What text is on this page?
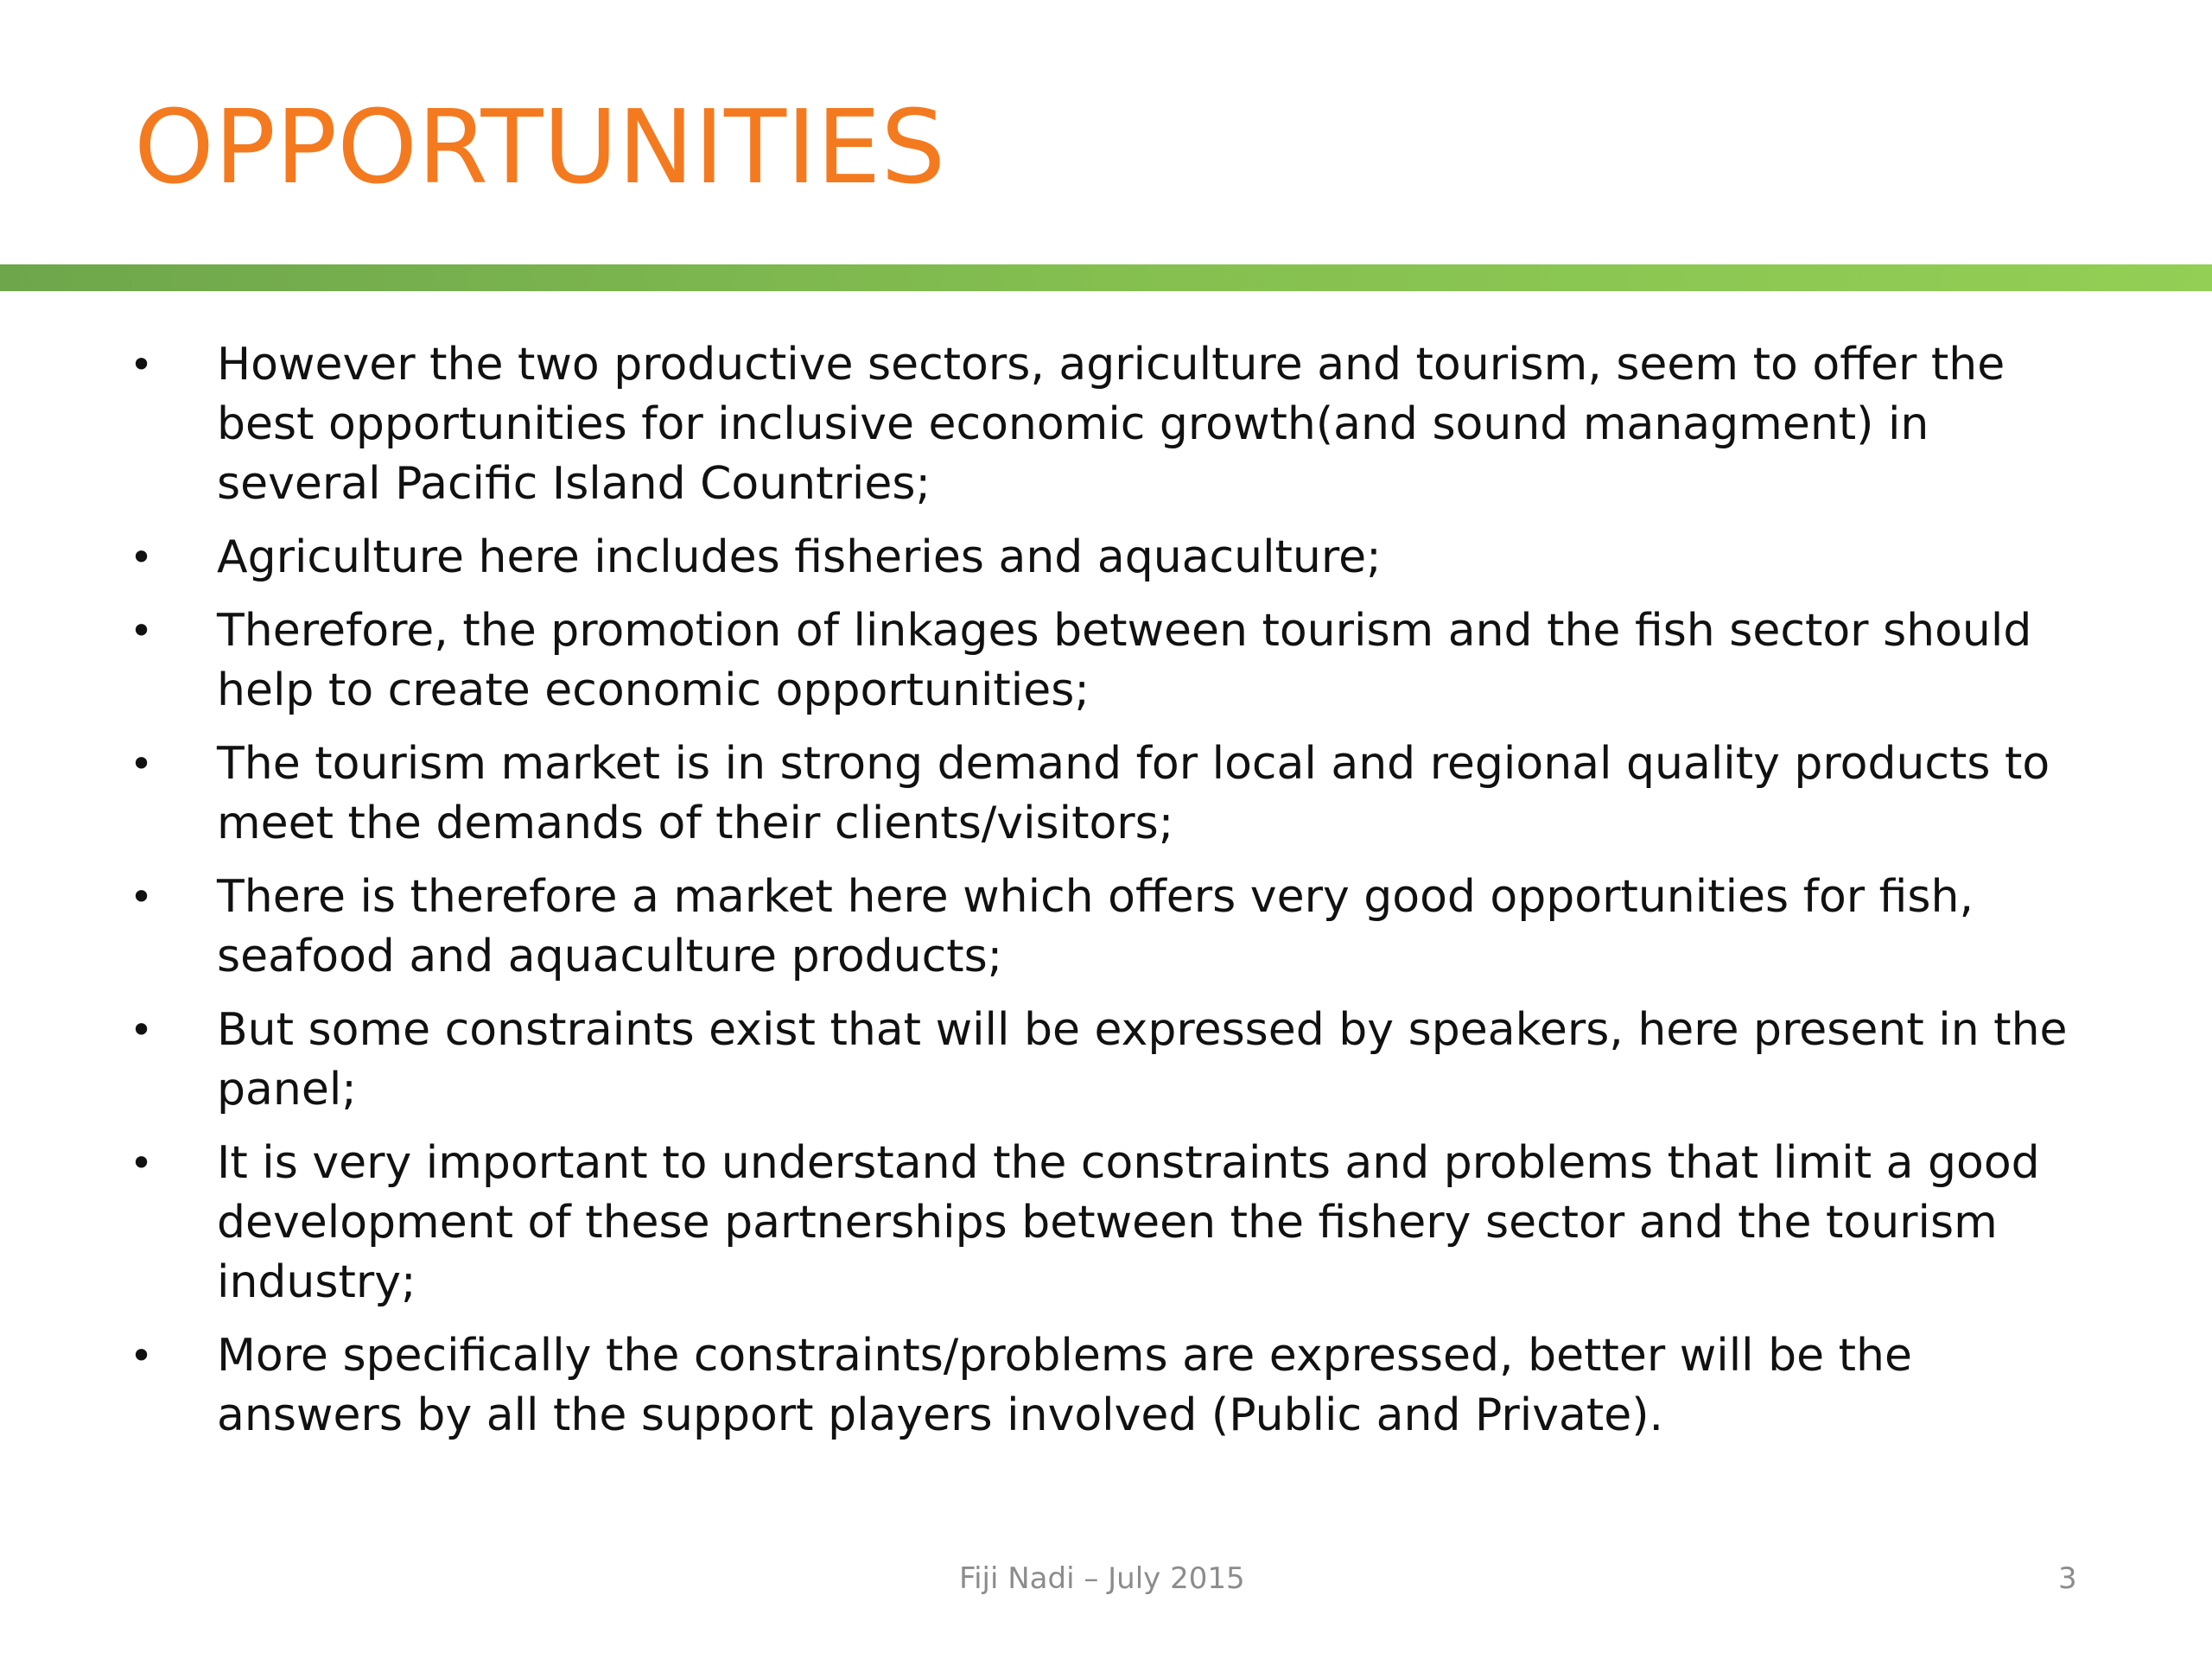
OPPORTUNITIES
• However the two productive sectors, agriculture and tourism, seem to offer the best opportunities for inclusive economic growth(and sound managment) in several Pacific Island Countries;
• Agriculture here includes fisheries and aquaculture;
• Therefore, the promotion of linkages between tourism and the fish sector should help to create economic opportunities;
• The tourism market is in strong demand for local and regional quality products to meet the demands of their clients/visitors;
• There is therefore a market here which offers very good opportunities for fish, seafood and aquaculture products;
• But some constraints exist that will be expressed by speakers, here present in the panel;
• It is very important to understand the constraints and problems that limit a good development of these partnerships between the fishery sector and the tourism industry;
• More specifically the constraints/problems are expressed, better will be the answers by all the support players involved (Public and Private).
Fiji Nadi – July 2015	3
